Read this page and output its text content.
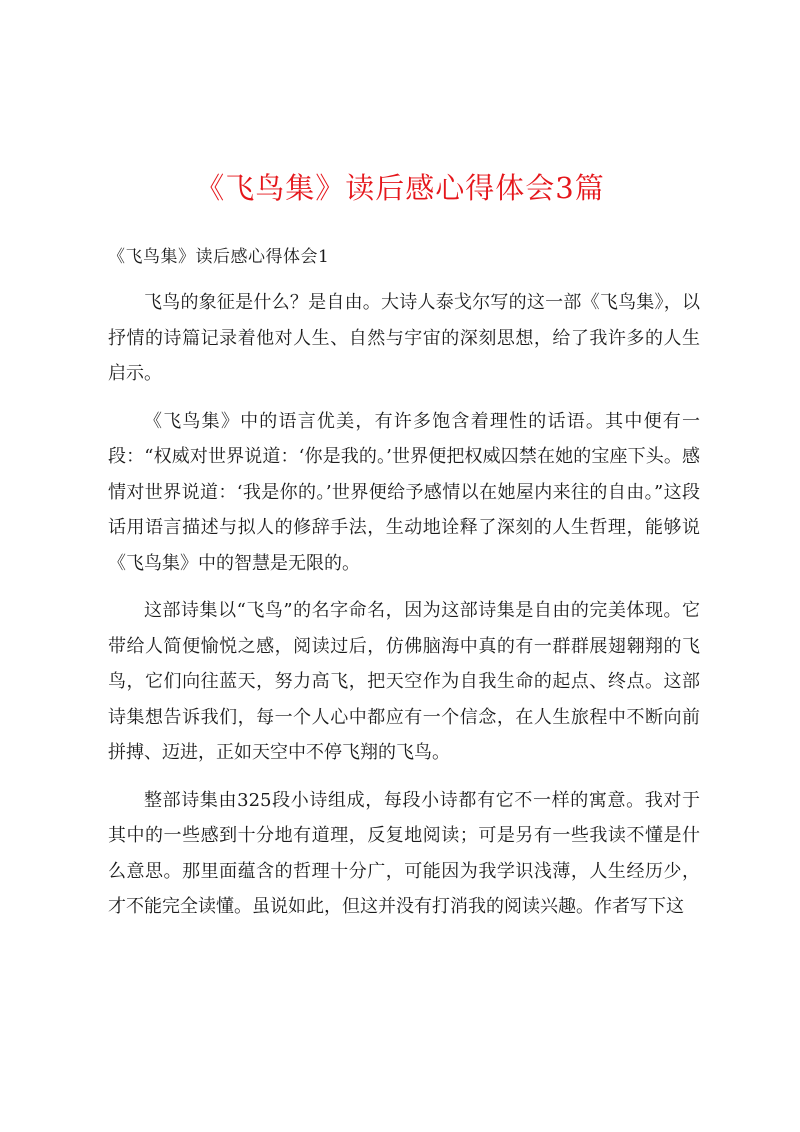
《飞鸟集》读后感心得体会3篇
《飞鸟集》读后感心得体会1

飞鸟的象征是什么？是自由。大诗人泰戈尔写的这一部《飞鸟集》，以抒情的诗篇记录着他对人生、自然与宇宙的深刻思想，给了我许多的人生启示。

《飞鸟集》中的语言优美，有许多饱含着理性的话语。其中便有一段：“权威对世界说道：‘你是我的。’世界便把权威囚禁在她的宝座下头。感情对世界说道：‘我是你的。’世界便给予感情以在她屋内来往的自由。”这段话用语言描述与拟人的修辞手法，生动地诠释了深刻的人生哲理，能够说《飞鸟集》中的智慧是无限的。

这部诗集以“飞鸟”的名字命名，因为这部诗集是自由的完美体现。它带给人简便愉悦之感，阅读过后，仿佛脑海中真的有一群群展翅翱翔的飞鸟，它们向往蓝天，努力高飞，把天空作为自我生命的起点、终点。这部诗集想告诉我们，每一个人心中都应有一个信念，在人生旅程中不断向前拼搏、迈进，正如天空中不停飞翔的飞鸟。

整部诗集由325段小诗组成，每段小诗都有它不一样的寓意。我对于其中的一些感到十分地有道理，反复地阅读；可是另有一些我读不懂是什么意思。那里面蕴含的哲理十分广，可能因为我学识浅薄，人生经历少，才不能完全读懂。虽说如此，但这并没有打消我的阅读兴趣。作者写下这
